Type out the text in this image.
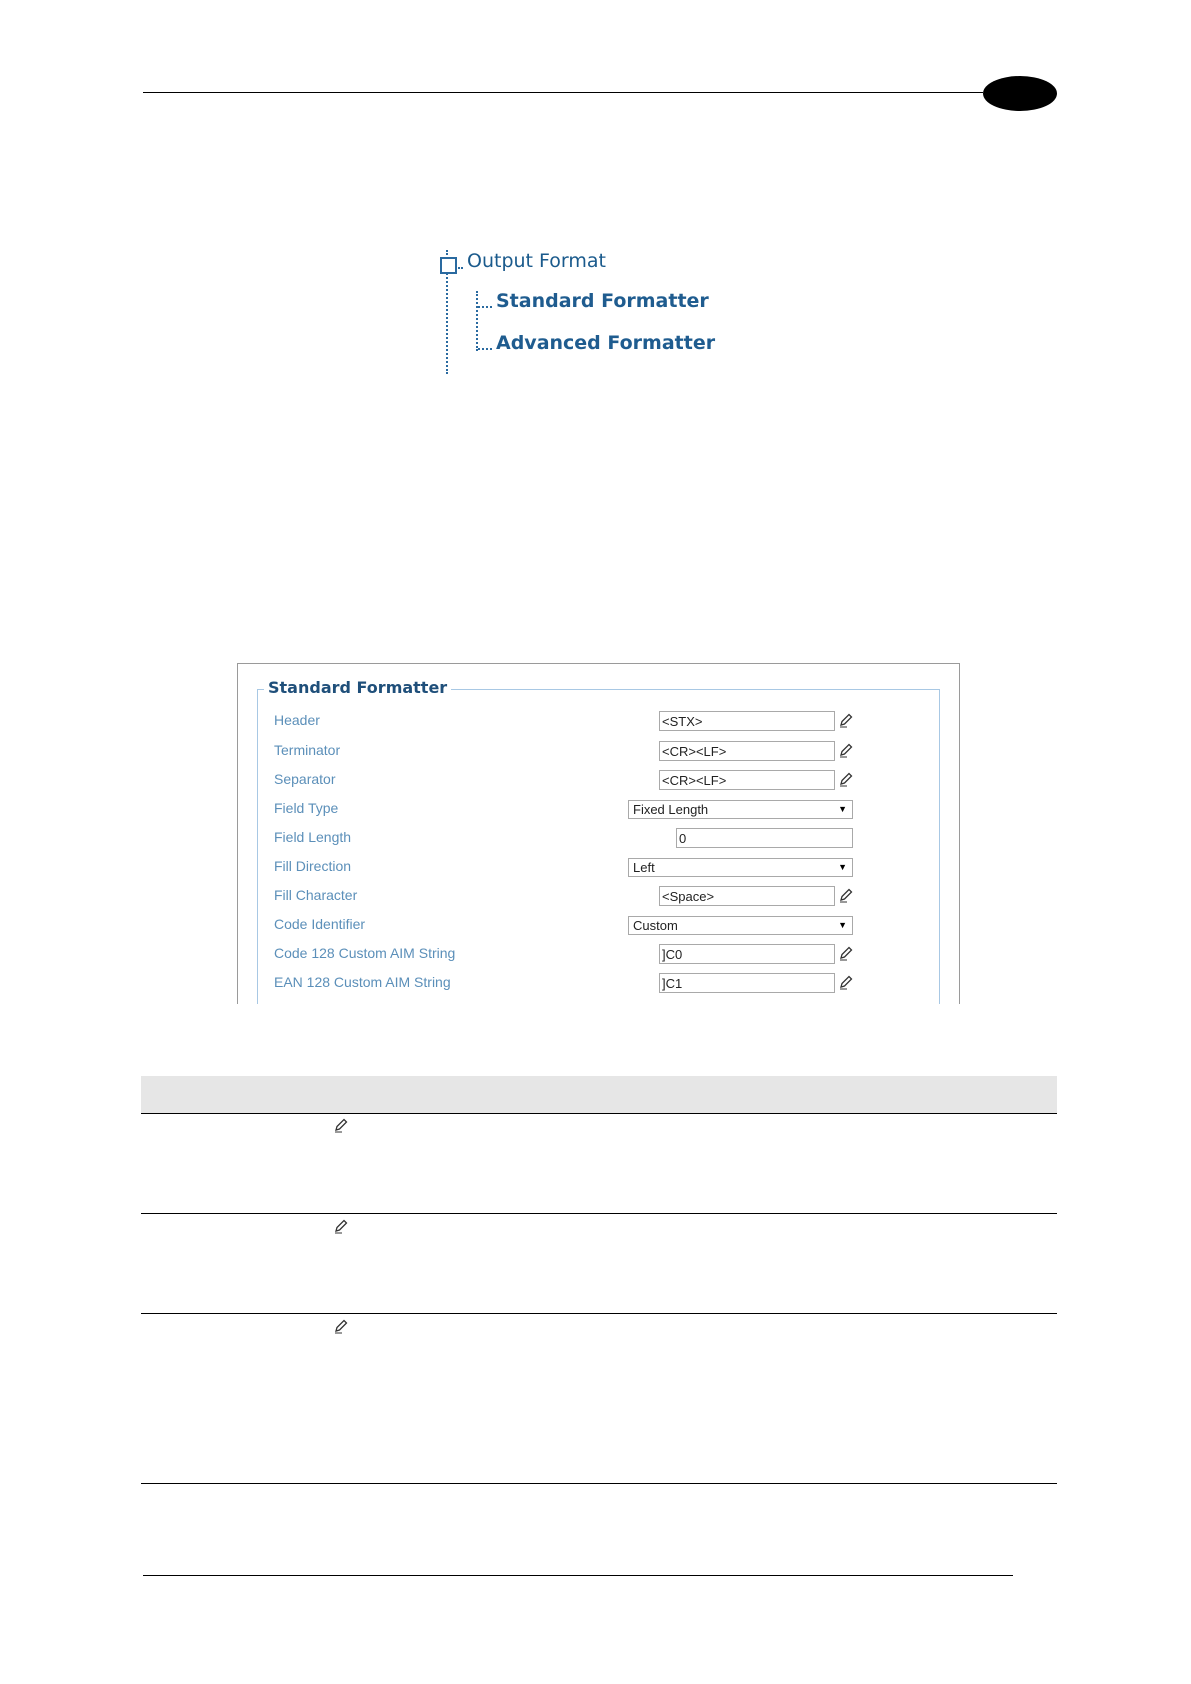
Output Format
Standard Formatter
Advanced Formatter
Standard Formatter
Header	<STX>
Terminator	<CR><LF>
Separator	<CR><LF>
Field Type	Fixed Length	▼
Field Length	0
Fill Direction	Left	▼
Fill Character	<Space>
Code Identifier	Custom	▼
Code 128 Custom AIM String	]C0
EAN 128 Custom AIM String	]C1
